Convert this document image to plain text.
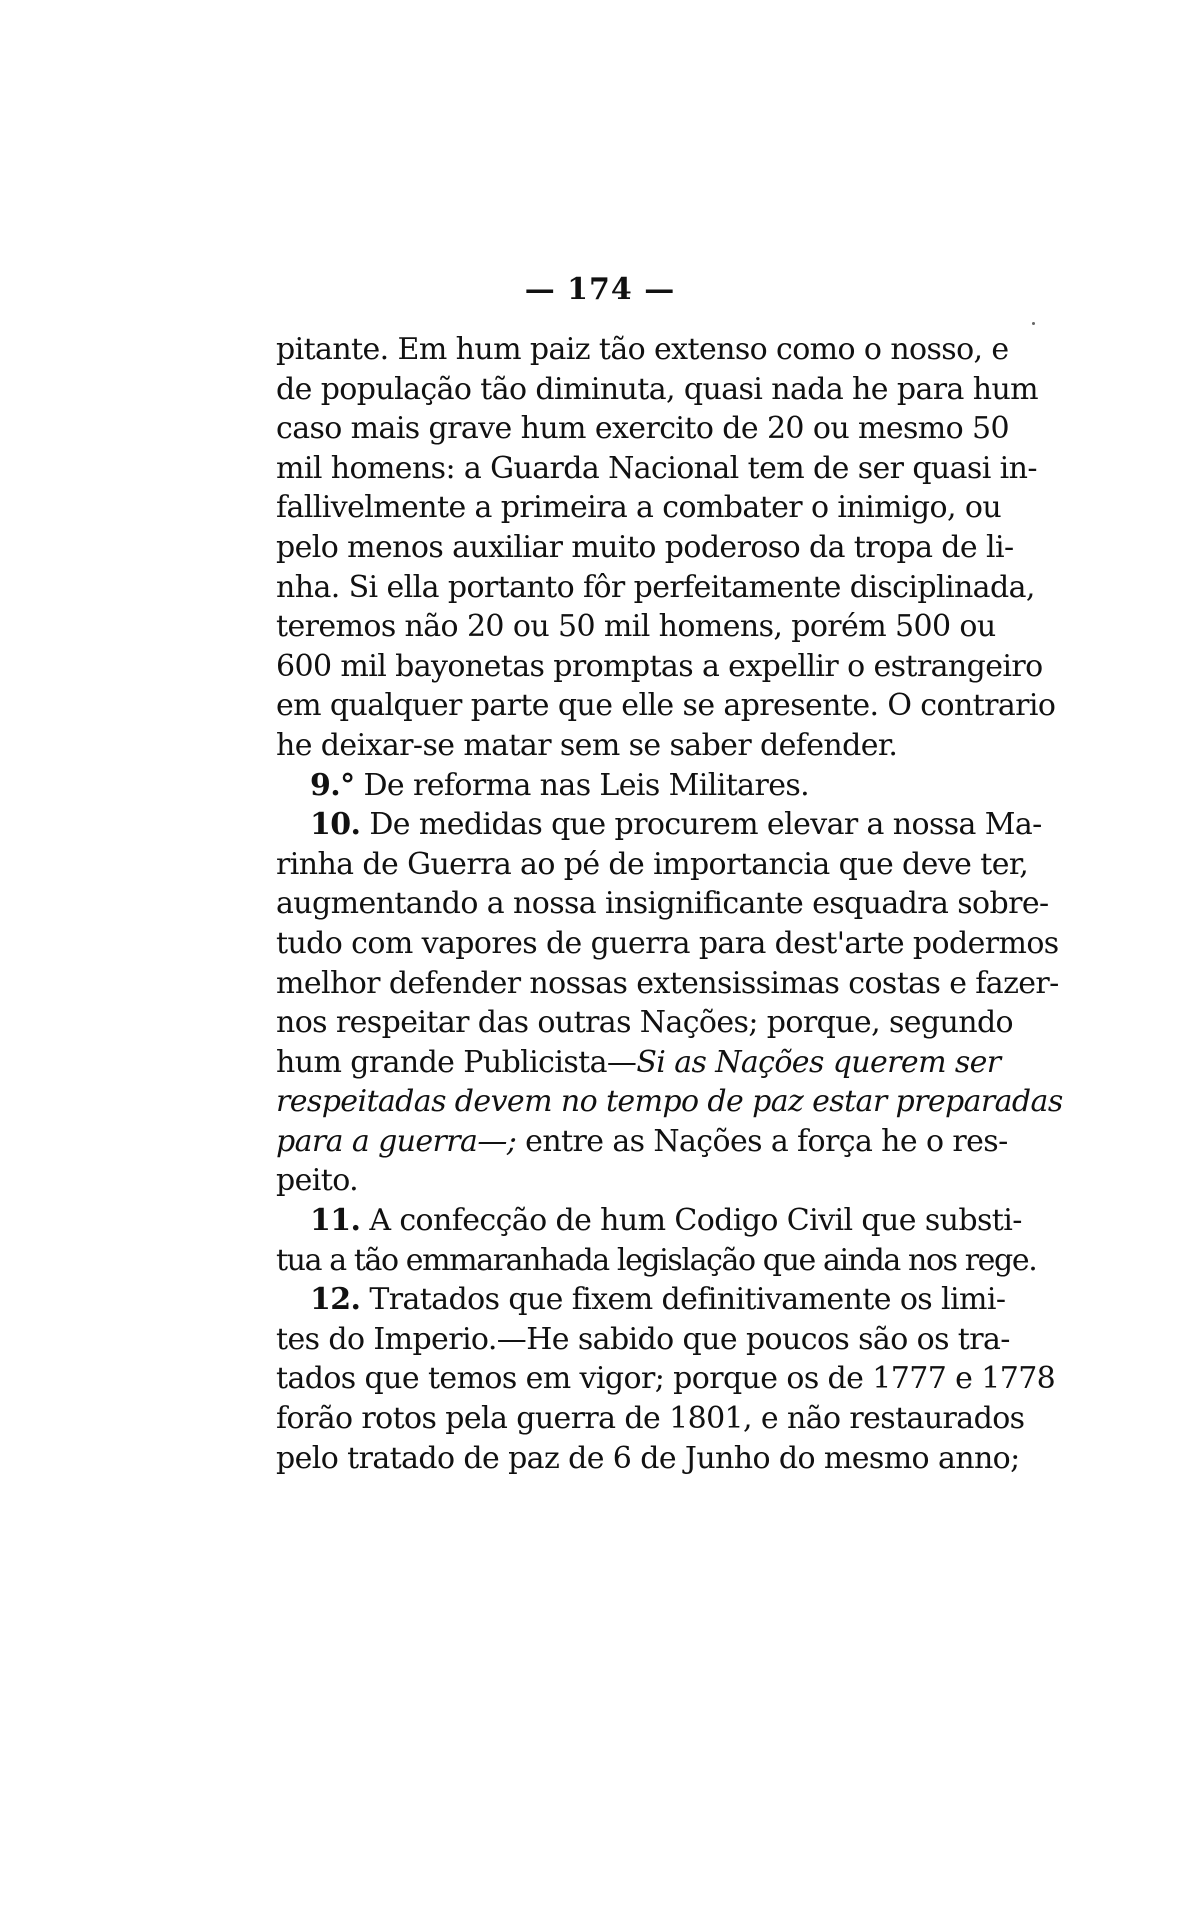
— 174 —
pitante. Em hum paiz tão extenso como o nosso, e
de população tão diminuta, quasi nada he para hum
caso mais grave hum exercito de 20 ou mesmo 50
mil homens: a Guarda Nacional tem de ser quasi in-
fallivelmente a primeira a combater o inimigo, ou
pelo menos auxiliar muito poderoso da tropa de li-
nha. Si ella portanto fôr perfeitamente disciplinada,
teremos não 20 ou 50 mil homens, porém 500 ou
600 mil bayonetas promptas a expellir o estrangeiro
em qualquer parte que elle se apresente. O contrario
he deixar-se matar sem se saber defender.
9.° De reforma nas Leis Militares.
10. De medidas que procurem elevar a nossa Ma-
rinha de Guerra ao pé de importancia que deve ter,
augmentando a nossa insignificante esquadra sobre-
tudo com vapores de guerra para dest'arte podermos
melhor defender nossas extensissimas costas e fazer-
nos respeitar das outras Nações; porque, segundo
hum grande Publicista—Si as Nações querem ser
respeitadas devem no tempo de paz estar preparadas
para a guerra—; entre as Nações a força he o res-
peito.
11. A confecção de hum Codigo Civil que substi-
tua a tão emmaranhada legislação que ainda nos rege.
12. Tratados que fixem definitivamente os limi-
tes do Imperio.—He sabido que poucos são os tra-
tados que temos em vigor; porque os de 1777 e 1778
forão rotos pela guerra de 1801, e não restaurados
pelo tratado de paz de 6 de Junho do mesmo anno;
